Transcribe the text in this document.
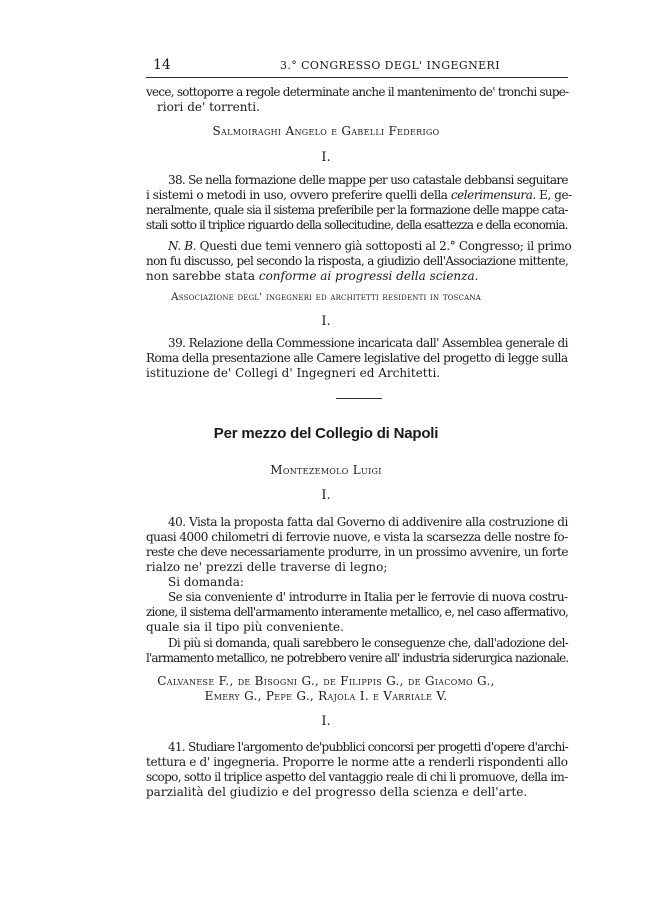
14	3.° CONGRESSO DEGL' INGEGNERI
vece, sottoporre a regole determinate anche il mantenimento de' tronchi supe-
riori de' torrenti.
Salmoiraghi Angelo e Gabelli Federigo
I.
38. Se nella formazione delle mappe per uso catastale debbansi seguitare
i sistemi o metodi in uso, ovvero preferire quelli della celerimensura. E, ge-
neralmente, quale sia il sistema preferibile per la formazione delle mappe cata-
stali sotto il triplice riguardo della sollecitudine, della esattezza e della economia.
N. B. Questi due temi vennero già sottoposti al 2.° Congresso; il primo
non fu discusso, pel secondo la risposta, a giudizio dell'Associazione mittente,
non sarebbe stata conforme ai progressi della scienza.
Associazione degl' ingegneri ed architetti residenti in toscana
I.
39. Relazione della Commessione incaricata dall' Assemblea generale di
Roma della presentazione alle Camere legislative del progetto di legge sulla
istituzione de' Collegi d' Ingegneri ed Architetti.
Per mezzo del Collegio di Napoli
Montezemolo Luigi
I.
40. Vista la proposta fatta dal Governo di addivenire alla costruzione di
quasi 4000 chilometri di ferrovie nuove, e vista la scarsezza delle nostre fo-
reste che deve necessariamente produrre, in un prossimo avvenire, un forte
rialzo ne' prezzi delle traverse di legno;
Si domanda:
Se sia conveniente d' introdurre in Italia per le ferrovie di nuova costru-
zione, il sistema dell'armamento interamente metallico, e, nel caso affermativo,
quale sia il tipo più conveniente.
Di più si domanda, quali sarebbero le conseguenze che, dall'adozione del-
l'armamento metallico, ne potrebbero venire all' industria siderurgica nazionale.
Calvanese F., de Bisogni G., de Filippis G., de Giacomo G.,
Emery G., Pepe G., Rajola I. e Varriale V.
I.
41. Studiare l'argomento de'pubblici concorsi per progetti d'opere d'archi-
tettura e d' ingegneria. Proporre le norme atte a renderli rispondenti allo
scopo, sotto il triplice aspetto del vantaggio reale di chi li promuove, della im-
parzialità del giudizio e del progresso della scienza e dell'arte.
